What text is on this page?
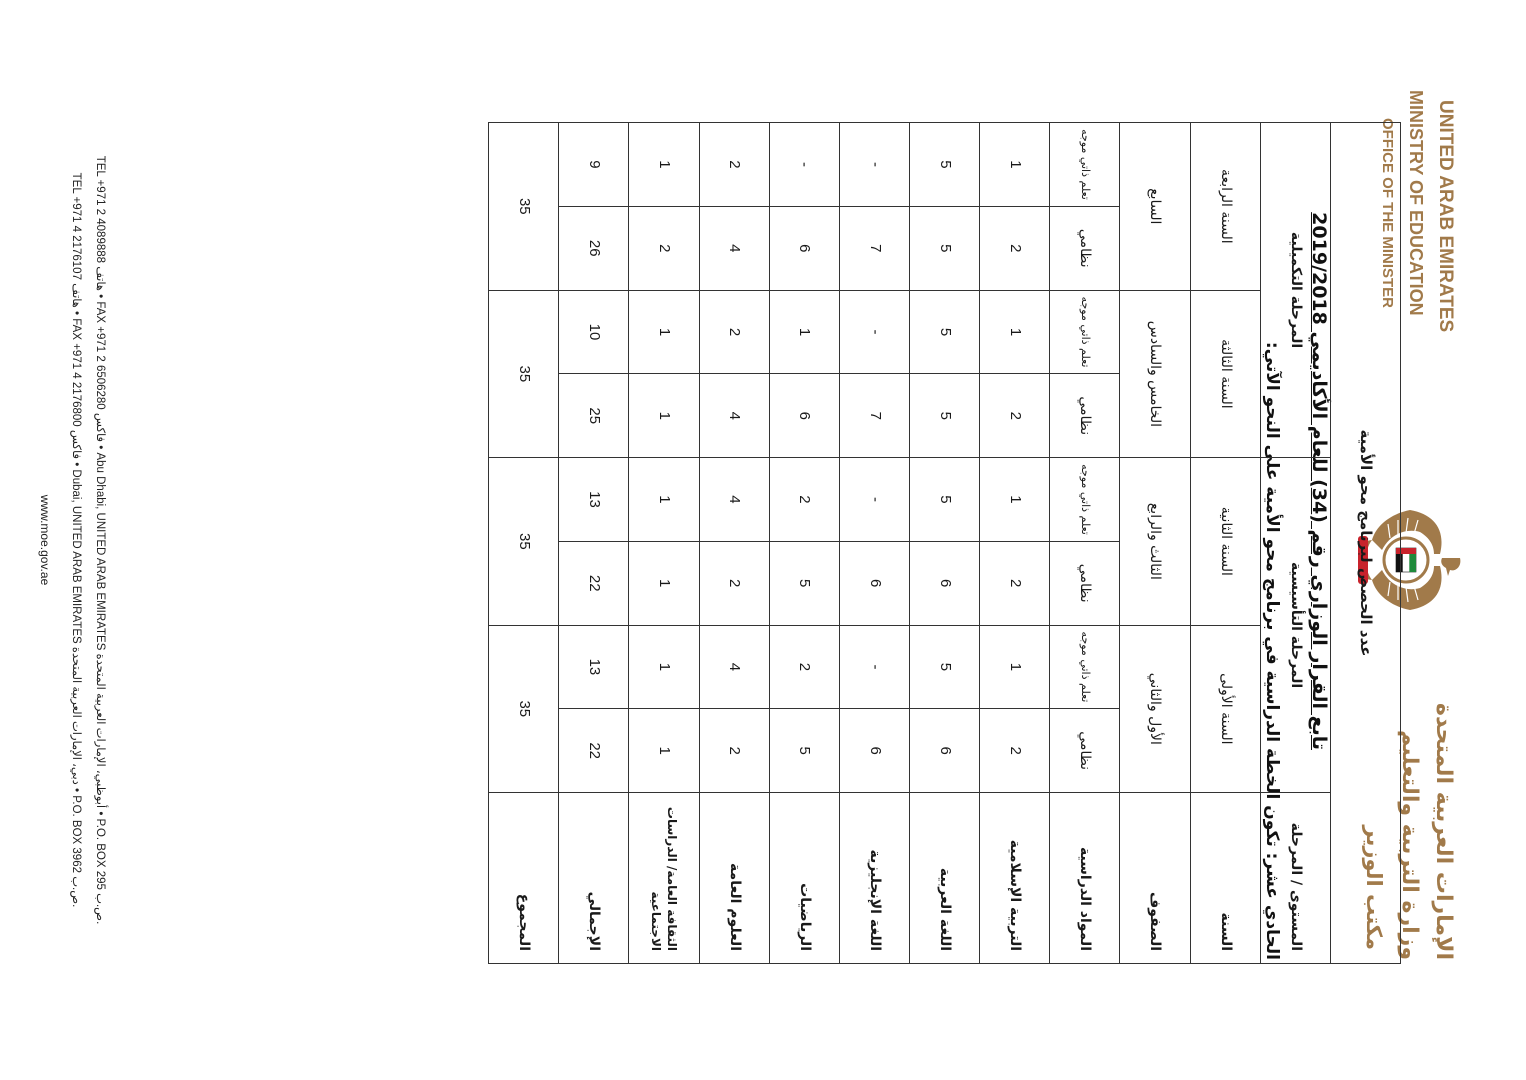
الإمارات العربية المتحدة
وزارة التربية والتعليم
مكتب الوزير
UNITED ARAB EMIRATES
MINISTRY OF EDUCATION
OFFICE OF THE MINISTER
تابع القرار الوزاري رقم (34) للعام الأكاديمي 2019/2018
الحادي عشر: تكون الخطة الدراسية في برنامج محو الأمية على النحو الآتي:	عدد الحصص لبرنامج محو الأمية								
المستوى / المرحلة	المرحلة التأسيسية				المرحلة التكميلية			
السنة	السنة الأولى		السنة الثانية		السنة الثالثة		السنة الرابعة	
الصفوف	الأول والثاني		الثالث والرابع		الخامس والسادس		السابع	
المواد الدراسية	نظامي	تعلم ذاتي موجه	نظامي	تعلم ذاتي موجه	نظامي	تعلم ذاتي موجه	نظامي	تعلم ذاتي موجه
التربية الإسلامية	2	1	2	1	2	1	2	1
اللغة العربية	6	5	6	5	5	5	5	5
اللغة الإنجليزية	6	-	6	-	7	-	7	-
الرياضيات	5	2	5	2	6	1	6	-
العلوم العامة	2	4	2	4	4	2	4	2
الثقافة العامة/ الدراسات الاجتماعية	1	1	1	1	1	1	2	1
الإجمالي	22	13	22	13	25	10	26	9
المجموع	35		35		35		35	
TEL +971 2 4089888 هاتف • FAX +971 2 6506280 فاكس • Abu Dhabi, UNITED ARAB EMIRATES أبوظبي، الإمارات العربية المتحدة • P.O. BOX 295 ص.ب.
TEL +971 4 2176107 هاتف • FAX +971 4 2176800 فاكس • Dubai, UNITED ARAB EMIRATES دبي، الإمارات العربية المتحدة • P.O. BOX 3962 ص.ب.
www.moe.gov.ae
